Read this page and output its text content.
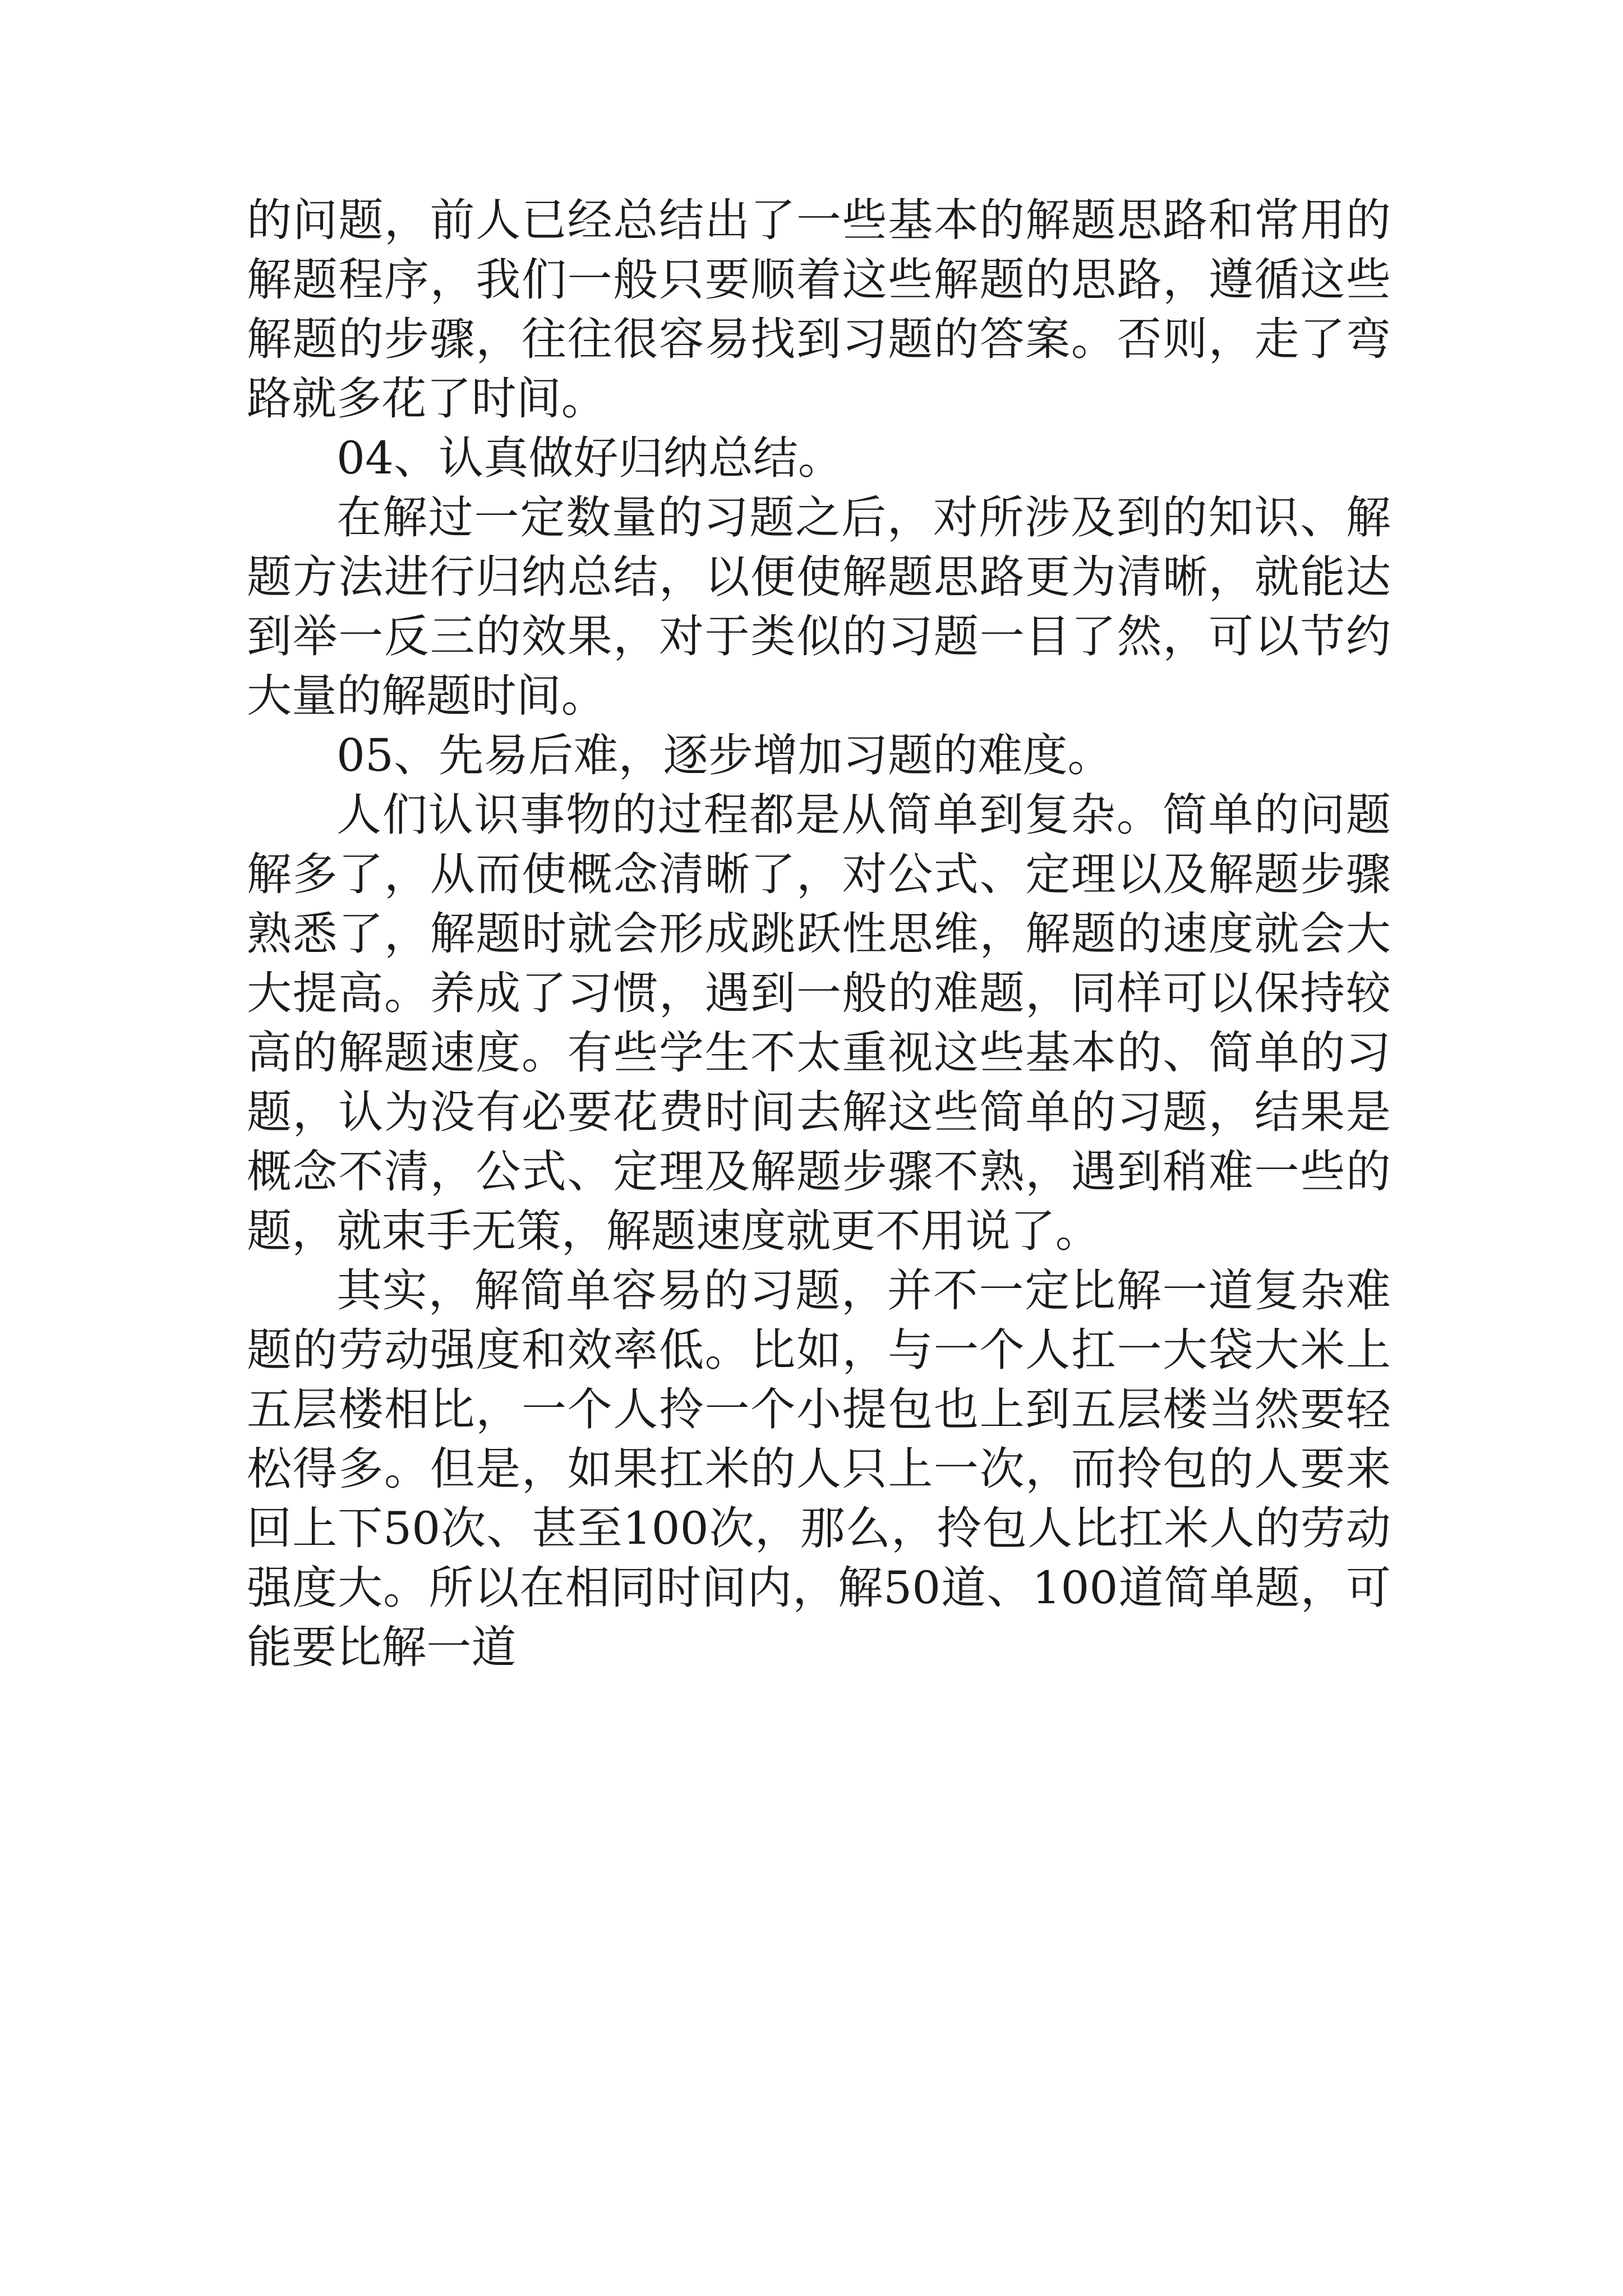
的问题，前人已经总结出了一些基本的解题思路和常用的解题程序，我们一般只要顺着这些解题的思路，遵循这些解题的步骤，往往很容易找到习题的答案。否则，走了弯路就多花了时间。

04、认真做好归纳总结。

在解过一定数量的习题之后，对所涉及到的知识、解题方法进行归纳总结，以便使解题思路更为清晰，就能达到举一反三的效果，对于类似的习题一目了然，可以节约大量的解题时间。

05、先易后难，逐步增加习题的难度。

人们认识事物的过程都是从简单到复杂。简单的问题解多了，从而使概念清晰了，对公式、定理以及解题步骤熟悉了，解题时就会形成跳跃性思维，解题的速度就会大大提高。养成了习惯，遇到一般的难题，同样可以保持较高的解题速度。有些学生不太重视这些基本的、简单的习题，认为没有必要花费时间去解这些简单的习题，结果是概念不清，公式、定理及解题步骤不熟，遇到稍难一些的题，就束手无策，解题速度就更不用说了。

其实，解简单容易的习题，并不一定比解一道复杂难题的劳动强度和效率低。比如，与一个人扛一大袋大米上五层楼相比，一个人拎一个小提包也上到五层楼当然要轻松得多。但是，如果扛米的人只上一次，而拎包的人要来回上下50次、甚至100次，那么，拎包人比扛米人的劳动强度大。所以在相同时间内，解50道、100道简单题，可能要比解一道
